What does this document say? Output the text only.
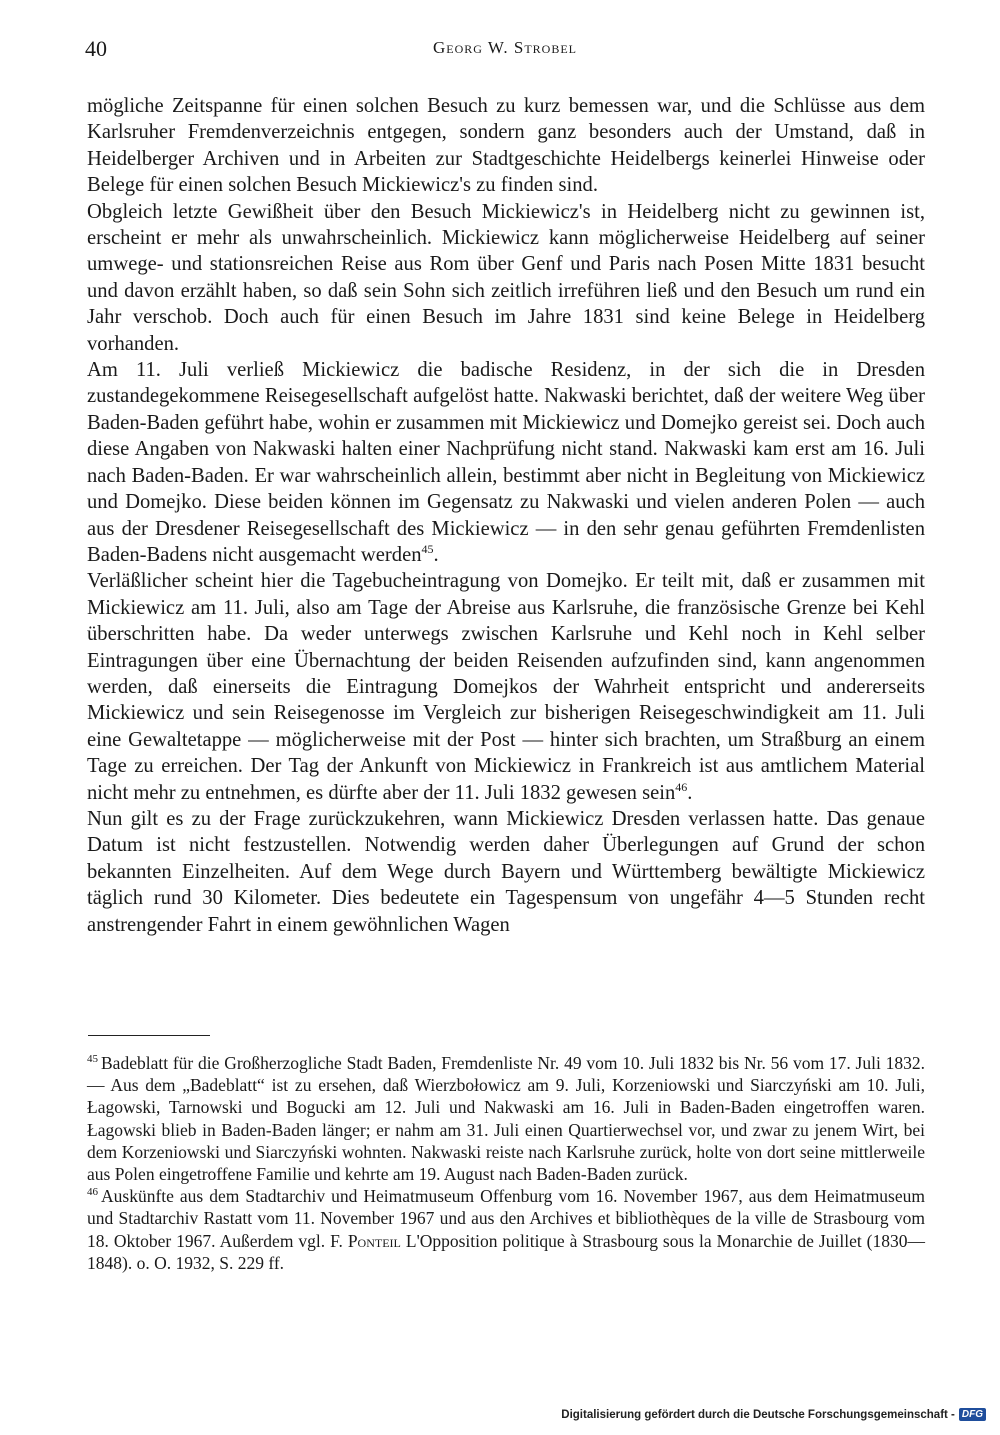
40	Georg W. Strobel

mögliche Zeitspanne für einen solchen Besuch zu kurz bemessen war, und die Schlüsse aus dem Karlsruher Fremdenverzeichnis entgegen, sondern ganz besonders auch der Umstand, daß in Heidelberger Archiven und in Arbeiten zur Stadtgeschichte Heidelbergs keinerlei Hinweise oder Belege für einen solchen Besuch Mickiewicz's zu finden sind.

Obgleich letzte Gewißheit über den Besuch Mickiewicz's in Heidelberg nicht zu gewinnen ist, erscheint er mehr als unwahrscheinlich. Mickiewicz kann möglicherweise Heidelberg auf seiner umwege- und stationsreichen Reise aus Rom über Genf und Paris nach Posen Mitte 1831 besucht und davon erzählt haben, so daß sein Sohn sich zeitlich irreführen ließ und den Besuch um rund ein Jahr verschob. Doch auch für einen Besuch im Jahre 1831 sind keine Belege in Heidelberg vorhanden.

Am 11. Juli verließ Mickiewicz die badische Residenz, in der sich die in Dresden zustandegekommene Reisegesellschaft aufgelöst hatte. Nakwaski berichtet, daß der weitere Weg über Baden-Baden geführt habe, wohin er zusammen mit Mickiewicz und Domejko gereist sei. Doch auch diese Angaben von Nakwaski halten einer Nachprüfung nicht stand. Nakwaski kam erst am 16. Juli nach Baden-Baden. Er war wahrscheinlich allein, bestimmt aber nicht in Begleitung von Mickiewicz und Domejko. Diese beiden können im Gegensatz zu Nakwaski und vielen anderen Polen — auch aus der Dresdener Reisegesellschaft des Mickiewicz — in den sehr genau geführten Fremdenlisten Baden-Badens nicht ausgemacht werden$^{45}$.

Verläßlicher scheint hier die Tagebucheintragung von Domejko. Er teilt mit, daß er zusammen mit Mickiewicz am 11. Juli, also am Tage der Abreise aus Karlsruhe, die französische Grenze bei Kehl überschritten habe. Da weder unterwegs zwischen Karlsruhe und Kehl noch in Kehl selber Eintragungen über eine Übernachtung der beiden Reisenden aufzufinden sind, kann angenommen werden, daß einerseits die Eintragung Domejkos der Wahrheit entspricht und andererseits Mickiewicz und sein Reisegenosse im Vergleich zur bisherigen Reisegeschwindigkeit am 11. Juli eine Gewaltetappe — möglicherweise mit der Post — hinter sich brachten, um Straßburg an einem Tage zu erreichen. Der Tag der Ankunft von Mickiewicz in Frankreich ist aus amtlichem Material nicht mehr zu entnehmen, es dürfte aber der 11. Juli 1832 gewesen sein$^{46}$.

Nun gilt es zu der Frage zurückzukehren, wann Mickiewicz Dresden verlassen hatte. Das genaue Datum ist nicht festzustellen. Notwendig werden daher Überlegungen auf Grund der schon bekannten Einzelheiten. Auf dem Wege durch Bayern und Württemberg bewältigte Mickiewicz täglich rund 30 Kilometer. Dies bedeutete ein Tagespensum von ungefähr 4—5 Stunden recht anstrengender Fahrt in einem gewöhnlichen Wagen

$^{45}$ Badeblatt für die Großherzogliche Stadt Baden, Fremdenliste Nr. 49 vom 10. Juli 1832 bis Nr. 56 vom 17. Juli 1832. — Aus dem „Badeblatt“ ist zu ersehen, daß Wierzbołowicz am 9. Juli, Korzeniowski und Siarczyński am 10. Juli, Łagowski, Tarnowski und Bogucki am 12. Juli und Nakwaski am 16. Juli in Baden-Baden eingetroffen waren. Łagowski blieb in Baden-Baden länger; er nahm am 31. Juli einen Quartierwechsel vor, und zwar zu jenem Wirt, bei dem Korzeniowski und Siarczyński wohnten. Nakwaski reiste nach Karlsruhe zurück, holte von dort seine mittlerweile aus Polen eingetroffene Familie und kehrte am 19. August nach Baden-Baden zurück.

$^{46}$ Auskünfte aus dem Stadtarchiv und Heimatmuseum Offenburg vom 16. November 1967, aus dem Heimatmuseum und Stadtarchiv Rastatt vom 11. November 1967 und aus den Archives et bibliothèques de la ville de Strasbourg vom 18. Oktober 1967. Außerdem vgl. F. Ponteil L'Opposition politique à Strasbourg sous la Monarchie de Juillet (1830—1848). o. O. 1932, S. 229 ff.

Digitalisierung gefördert durch die Deutsche Forschungsgemeinschaft - DFG
